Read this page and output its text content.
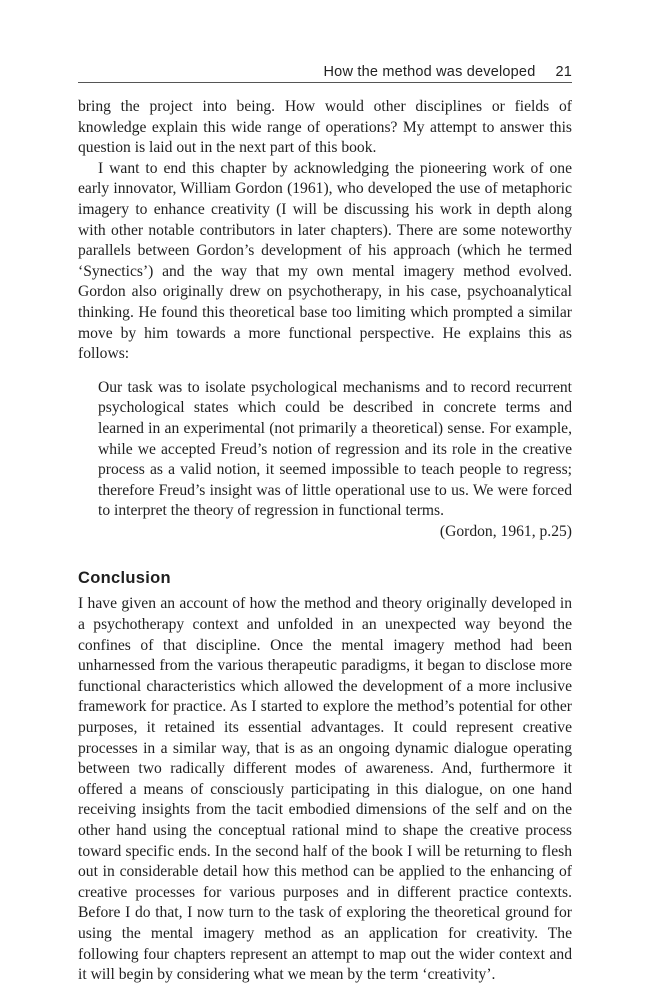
How the method was developed 21

bring the project into being. How would other disciplines or fields of knowledge explain this wide range of operations? My attempt to answer this question is laid out in the next part of this book.

I want to end this chapter by acknowledging the pioneering work of one early innovator, William Gordon (1961), who developed the use of metaphoric imagery to enhance creativity (I will be discussing his work in depth along with other notable contributors in later chapters). There are some noteworthy parallels between Gordon’s development of his approach (which he termed ‘Synectics’) and the way that my own mental imagery method evolved. Gordon also originally drew on psychotherapy, in his case, psychoanalytical thinking. He found this theoretical base too limiting which prompted a similar move by him towards a more functional perspective. He explains this as follows:

Our task was to isolate psychological mechanisms and to record recurrent psychological states which could be described in concrete terms and learned in an experimental (not primarily a theoretical) sense. For example, while we accepted Freud’s notion of regression and its role in the creative process as a valid notion, it seemed impossible to teach people to regress; therefore Freud’s insight was of little operational use to us. We were forced to interpret the theory of regression in functional terms.
(Gordon, 1961, p.25)
Conclusion

I have given an account of how the method and theory originally developed in a psychotherapy context and unfolded in an unexpected way beyond the confines of that discipline. Once the mental imagery method had been unharnessed from the various therapeutic paradigms, it began to disclose more functional characteristics which allowed the development of a more inclusive framework for practice. As I started to explore the method’s potential for other purposes, it retained its essential advantages. It could represent creative processes in a similar way, that is as an ongoing dynamic dialogue operating between two radically different modes of awareness. And, furthermore it offered a means of consciously participating in this dialogue, on one hand receiving insights from the tacit embodied dimensions of the self and on the other hand using the conceptual rational mind to shape the creative process toward specific ends. In the second half of the book I will be returning to flesh out in considerable detail how this method can be applied to the enhancing of creative processes for various purposes and in different practice contexts. Before I do that, I now turn to the task of exploring the theoretical ground for using the mental imagery method as an application for creativity. The following four chapters represent an attempt to map out the wider context and it will begin by considering what we mean by the term ‘creativity’.
